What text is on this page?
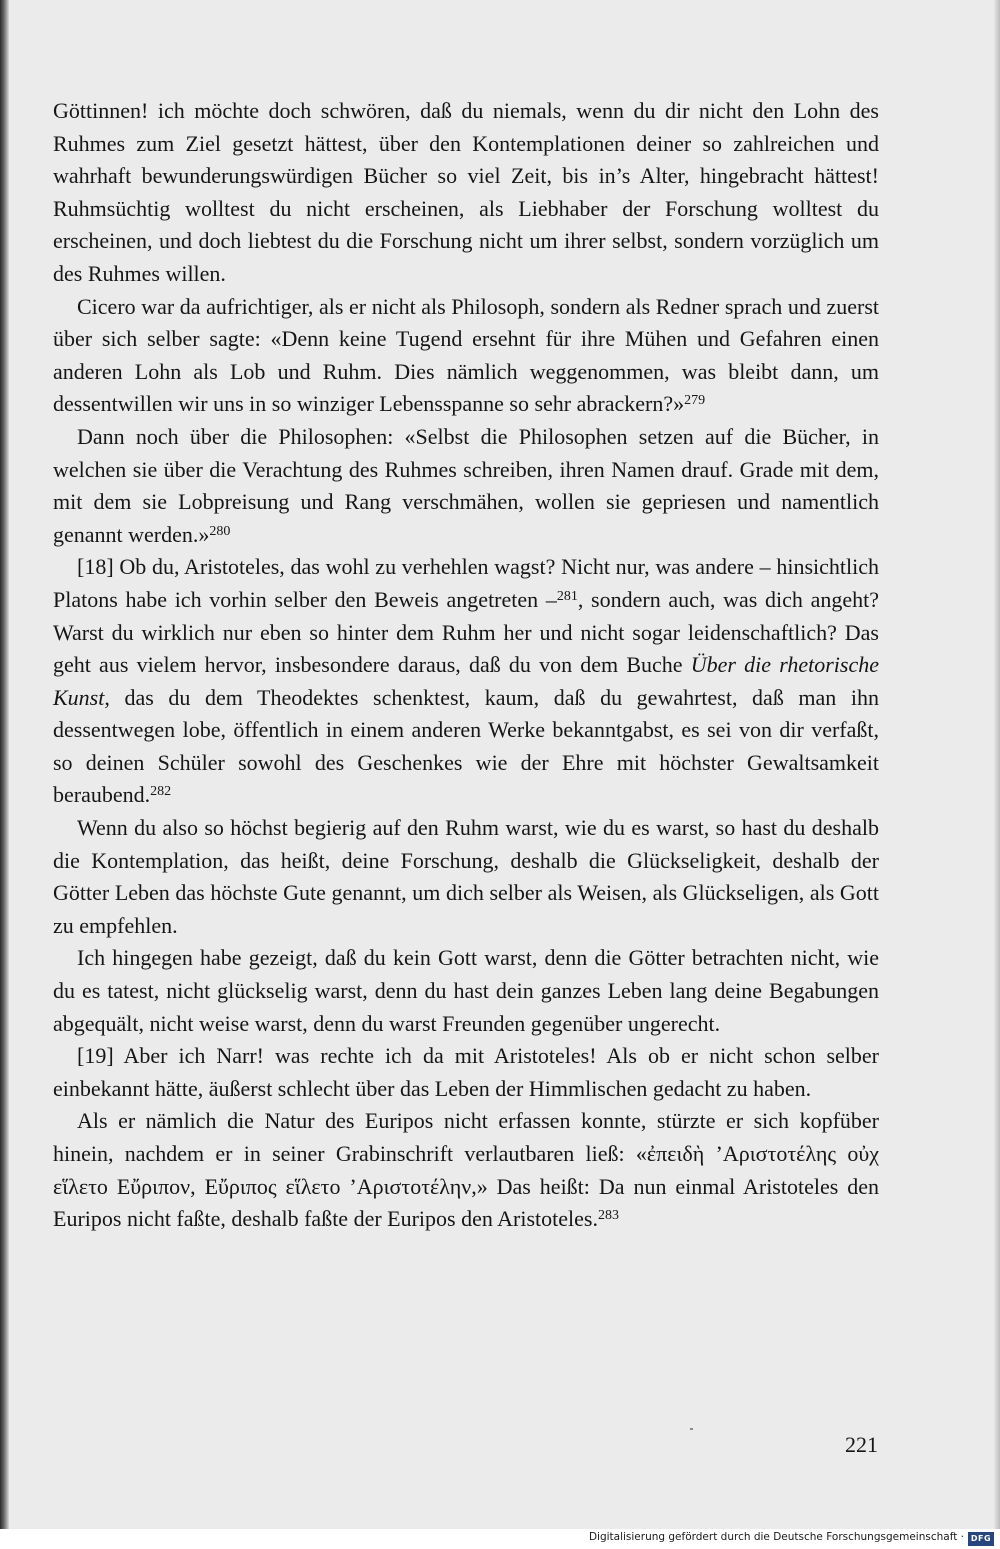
Göttinnen! ich möchte doch schwören, daß du niemals, wenn du dir nicht den Lohn des Ruhmes zum Ziel gesetzt hättest, über den Kontemplationen deiner so zahlreichen und wahrhaft bewunderungswürdigen Bücher so viel Zeit, bis in’s Alter, hingebracht hättest! Ruhmsüchtig wolltest du nicht erscheinen, als Liebhaber der Forschung wolltest du erscheinen, und doch liebtest du die Forschung nicht um ihrer selbst, sondern vorzüglich um des Ruhmes willen.

Cicero war da aufrichtiger, als er nicht als Philosoph, sondern als Redner sprach und zuerst über sich selber sagte: «Denn keine Tugend ersehnt für ihre Mühen und Gefahren einen anderen Lohn als Lob und Ruhm. Dies nämlich weggenommen, was bleibt dann, um dessentwillen wir uns in so winziger Lebensspanne so sehr abrackern?»$^{279}$

Dann noch über die Philosophen: «Selbst die Philosophen setzen auf die Bücher, in welchen sie über die Verachtung des Ruhmes schreiben, ihren Namen drauf. Grade mit dem, mit dem sie Lobpreisung und Rang verschmähen, wollen sie gepriesen und namentlich genannt werden.»$^{280}$

[18] Ob du, Aristoteles, das wohl zu verhehlen wagst? Nicht nur, was andere – hinsichtlich Platons habe ich vorhin selber den Beweis angetreten –$^{281}$, sondern auch, was dich angeht? Warst du wirklich nur eben so hinter dem Ruhm her und nicht sogar leidenschaftlich? Das geht aus vielem hervor, insbesondere daraus, daß du von dem Buche Über die rhetorische Kunst, das du dem Theodektes schenktest, kaum, daß du gewahrtest, daß man ihn dessentwegen lobe, öffentlich in einem anderen Werke bekanntgabst, es sei von dir verfaßt, so deinen Schüler sowohl des Geschenkes wie der Ehre mit höchster Gewaltsamkeit beraubend.$^{282}$

Wenn du also so höchst begierig auf den Ruhm warst, wie du es warst, so hast du deshalb die Kontemplation, das heißt, deine Forschung, deshalb die Glückseligkeit, deshalb der Götter Leben das höchste Gute genannt, um dich selber als Weisen, als Glückseligen, als Gott zu empfehlen.

Ich hingegen habe gezeigt, daß du kein Gott warst, denn die Götter betrachten nicht, wie du es tatest, nicht glückselig warst, denn du hast dein ganzes Leben lang deine Begabungen abgequält, nicht weise warst, denn du warst Freunden gegenüber ungerecht.

[19] Aber ich Narr! was rechte ich da mit Aristoteles! Als ob er nicht schon selber einbekannt hätte, äußerst schlecht über das Leben der Himmlischen gedacht zu haben.

Als er nämlich die Natur des Euripos nicht erfassen konnte, stürzte er sich kopfüber hinein, nachdem er in seiner Grabinschrift verlautbaren ließ: «ἐπειδὴ ’Αριστοτέλης οὐχ εἵλετο Εὔριπον, Εὔριπος εἵλετο ’Αριστοτέλην,» Das heißt: Da nun einmal Aristoteles den Euripos nicht faßte, deshalb faßte der Euripos den Aristoteles.$^{283}$

221
Digitalisierung gefördert durch die Deutsche Forschungsgemeinschaft · DFG
